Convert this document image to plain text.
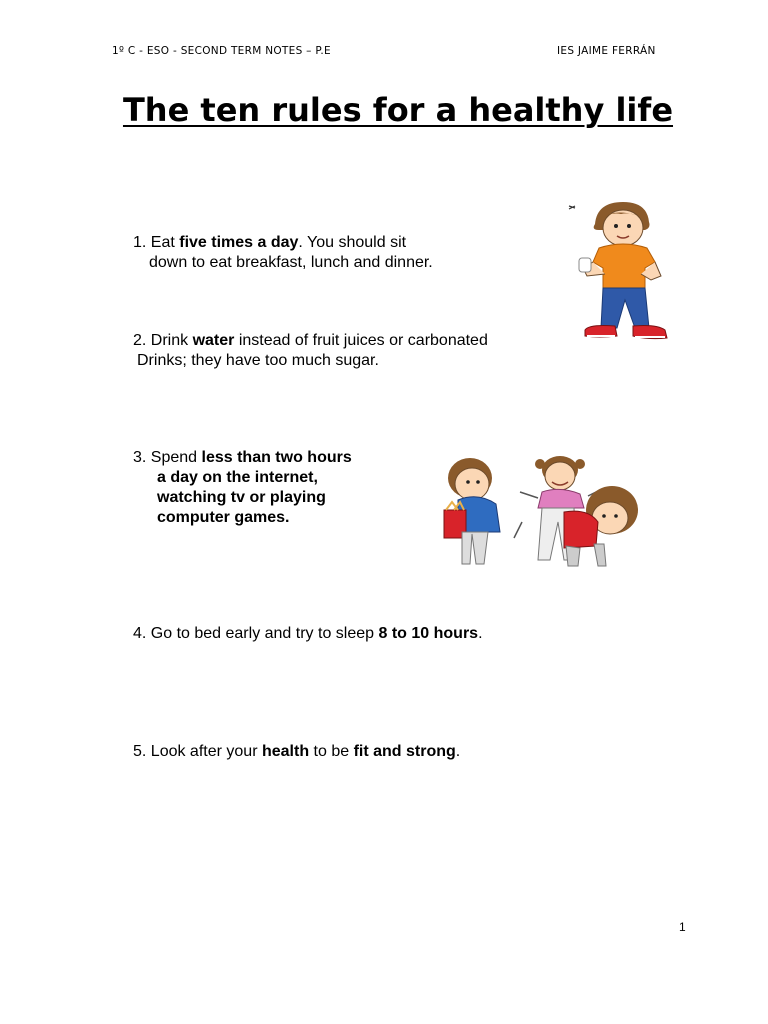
1º C - ESO - SECOND TERM NOTES – P.E	IES JAIME FERRÁN
The ten rules for a healthy life
1. Eat five times a day. You should sit
down to eat breakfast, lunch and dinner.
2. Drink water instead of fruit juices or carbonated
Drinks; they have too much sugar.
3. Spend less than two hours
a day on the internet,
watching tv or playing
computer games.
4. Go to bed early and try to sleep 8 to 10 hours.
5. Look after your health to be fit and strong.
1
